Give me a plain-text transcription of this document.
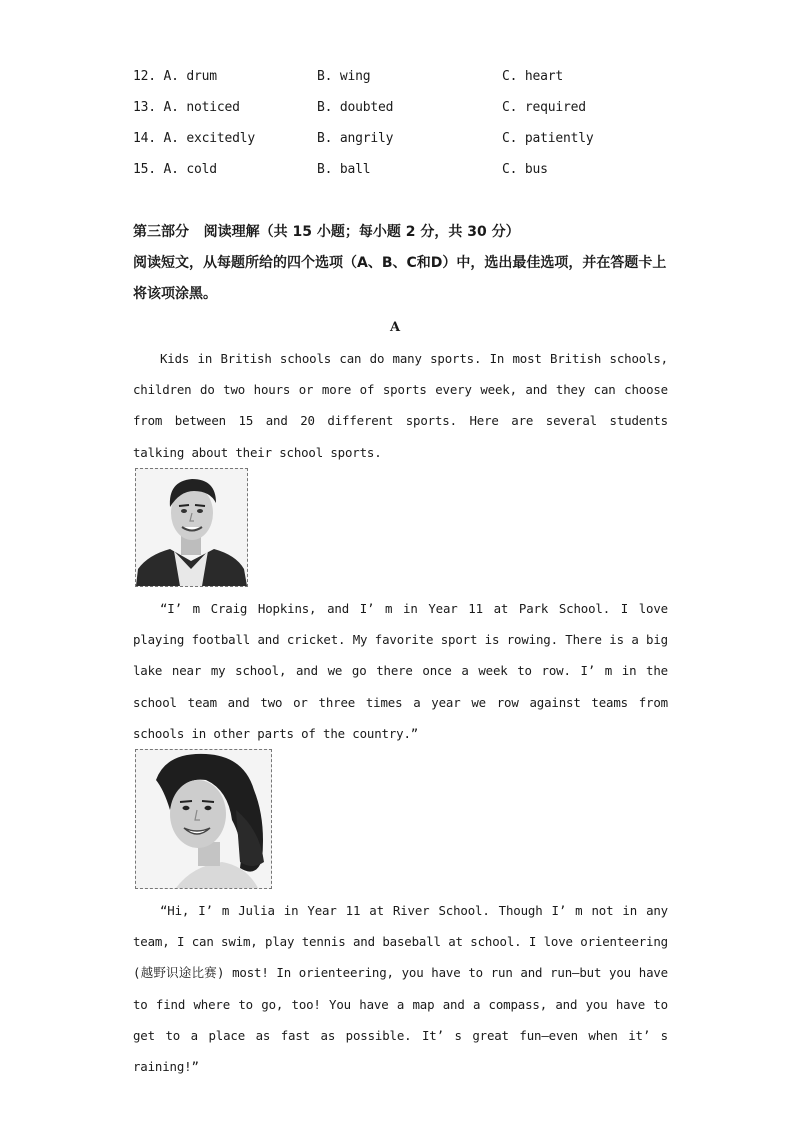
12. A. drum	B. wing	C. heart
13. A. noticed	B. doubted	C. required
14. A. excitedly	B. angrily	C. patiently
15. A. cold	B. ball	C. bus
第三部分   阅读理解（共 15 小题；每小题 2 分，共 30 分）
阅读短文，从每题所给的四个选项（A、B、C和D）中，选出最佳选项，并在答题卡上将该项涂黑。
A
Kids in British schools can do many sports. In most British schools, children do two hours or more of sports every week, and they can choose from between 15 and 20 different sports. Here are several students talking about their school sports.
“I’ m Craig Hopkins, and I’ m in Year 11 at Park School. I love playing football and cricket. My favorite sport is rowing. There is a big lake near my school, and we go there once a week to row. I’ m in the school team and two or three times a year we row against teams from schools in other parts of the country.”
“Hi, I’ m Julia in Year 11 at River School. Though I’ m not in any team, I can swim, play tennis and baseball at school. I love orienteering (越野识途比赛) most! In orienteering, you have to run and run—but you have to find where to go, too! You have a map and a compass, and you have to get to a place as fast as possible. It’ s great fun—even when it’ s raining!”
